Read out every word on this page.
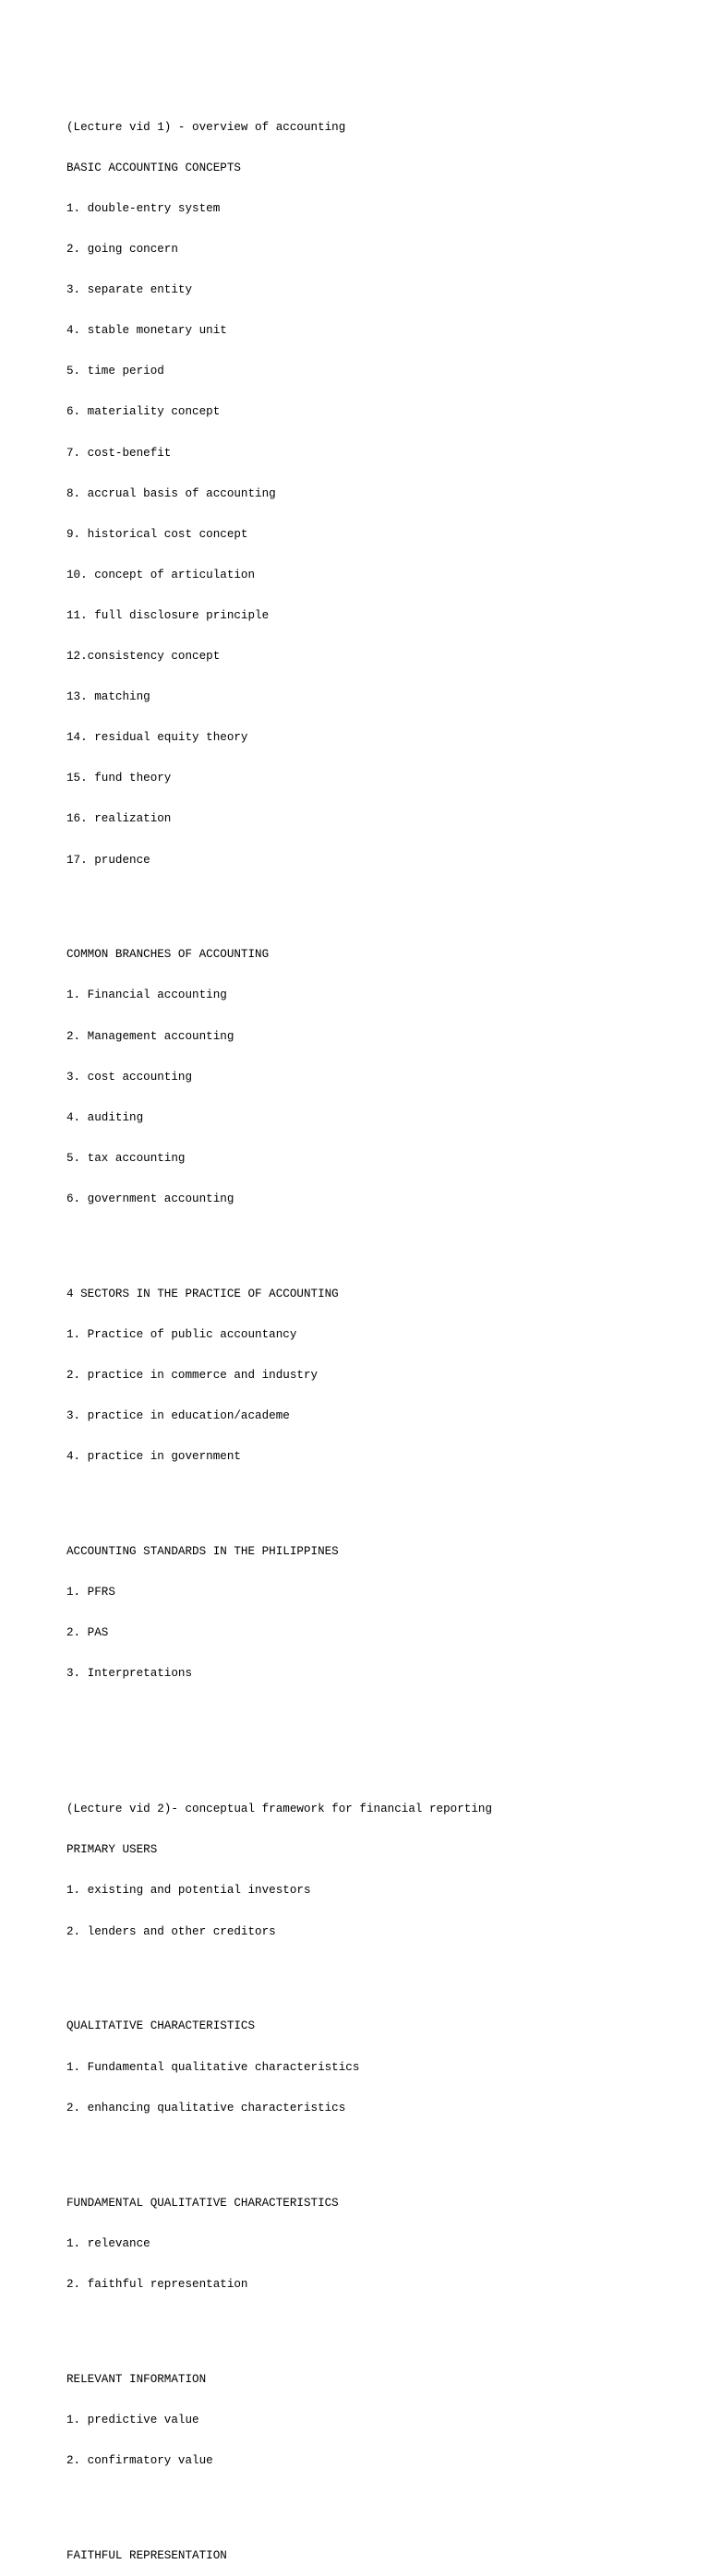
(Lecture vid 1) - overview of accounting

BASIC ACCOUNTING CONCEPTS

1. double-entry system

2. going concern

3. separate entity

4. stable monetary unit

5. time period

6. materiality concept

7. cost-benefit

8. accrual basis of accounting

9. historical cost concept

10. concept of articulation

11. full disclosure principle

12.consistency concept

13. matching

14. residual equity theory

15. fund theory

16. realization

17. prudence

COMMON BRANCHES OF ACCOUNTING

1. Financial accounting

2. Management accounting

3. cost accounting

4. auditing

5. tax accounting

6. government accounting

4 SECTORS IN THE PRACTICE OF ACCOUNTING

1. Practice of public accountancy

2. practice in commerce and industry

3. practice in education/academe

4. practice in government

ACCOUNTING STANDARDS IN THE PHILIPPINES

1. PFRS

2. PAS

3. Interpretations

(Lecture vid 2)- conceptual framework for financial reporting

PRIMARY USERS

1. existing and potential investors

2. lenders and other creditors

QUALITATIVE CHARACTERISTICS

1. Fundamental qualitative characteristics

2. enhancing qualitative characteristics

FUNDAMENTAL QUALITATIVE CHARACTERISTICS

1. relevance

2. faithful representation

RELEVANT INFORMATION

1. predictive value

2. confirmatory value

FAITHFUL REPRESENTATION
